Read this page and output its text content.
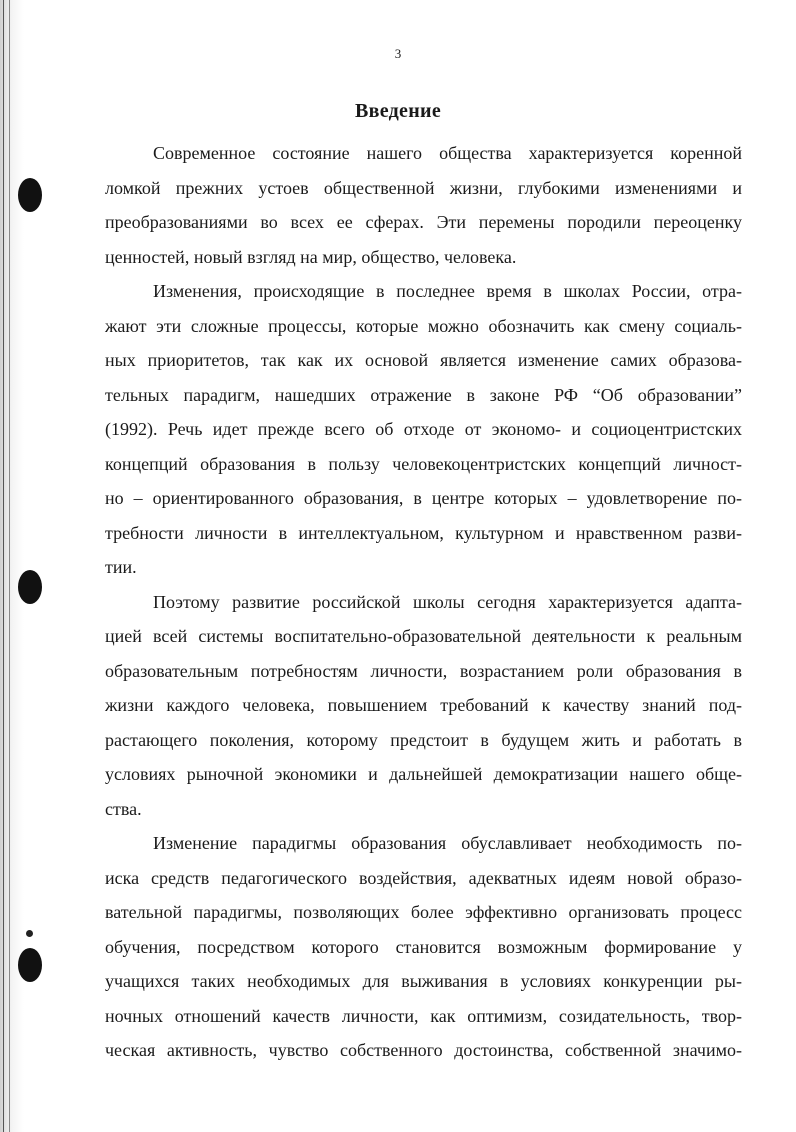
3
Введение
Современное состояние нашего общества характеризуется коренной
ломкой прежних устоев общественной жизни, глубокими изменениями и
преобразованиями во всех ее сферах. Эти перемены породили переоценку
ценностей, новый взгляд на мир, общество, человека.
Изменения, происходящие в последнее время в школах России, отра-
жают эти сложные процессы, которые можно обозначить как смену социаль-
ных приоритетов, так как их основой является изменение самих образова-
тельных парадигм, нашедших отражение в законе РФ “Об образовании”
(1992). Речь идет прежде всего об отходе от экономо- и социоцентристских
концепций образования в пользу человекоцентристских концепций личност-
но – ориентированного образования, в центре которых – удовлетворение по-
требности личности в интеллектуальном, культурном и нравственном разви-
тии.
Поэтому развитие российской школы сегодня характеризуется адапта-
цией всей системы воспитательно-образовательной деятельности к реальным
образовательным потребностям личности, возрастанием роли образования в
жизни каждого человека, повышением требований к качеству знаний под-
растающего поколения, которому предстоит в будущем жить и работать в
условиях рыночной экономики и дальнейшей демократизации нашего обще-
ства.
Изменение парадигмы образования обуславливает необходимость по-
иска средств педагогического воздействия, адекватных идеям новой образо-
вательной парадигмы, позволяющих более эффективно организовать процесс
обучения, посредством которого становится возможным формирование у
учащихся таких необходимых для выживания в условиях конкуренции ры-
ночных отношений качеств личности, как оптимизм, созидательность, твор-
ческая активность, чувство собственного достоинства, собственной значимо-
